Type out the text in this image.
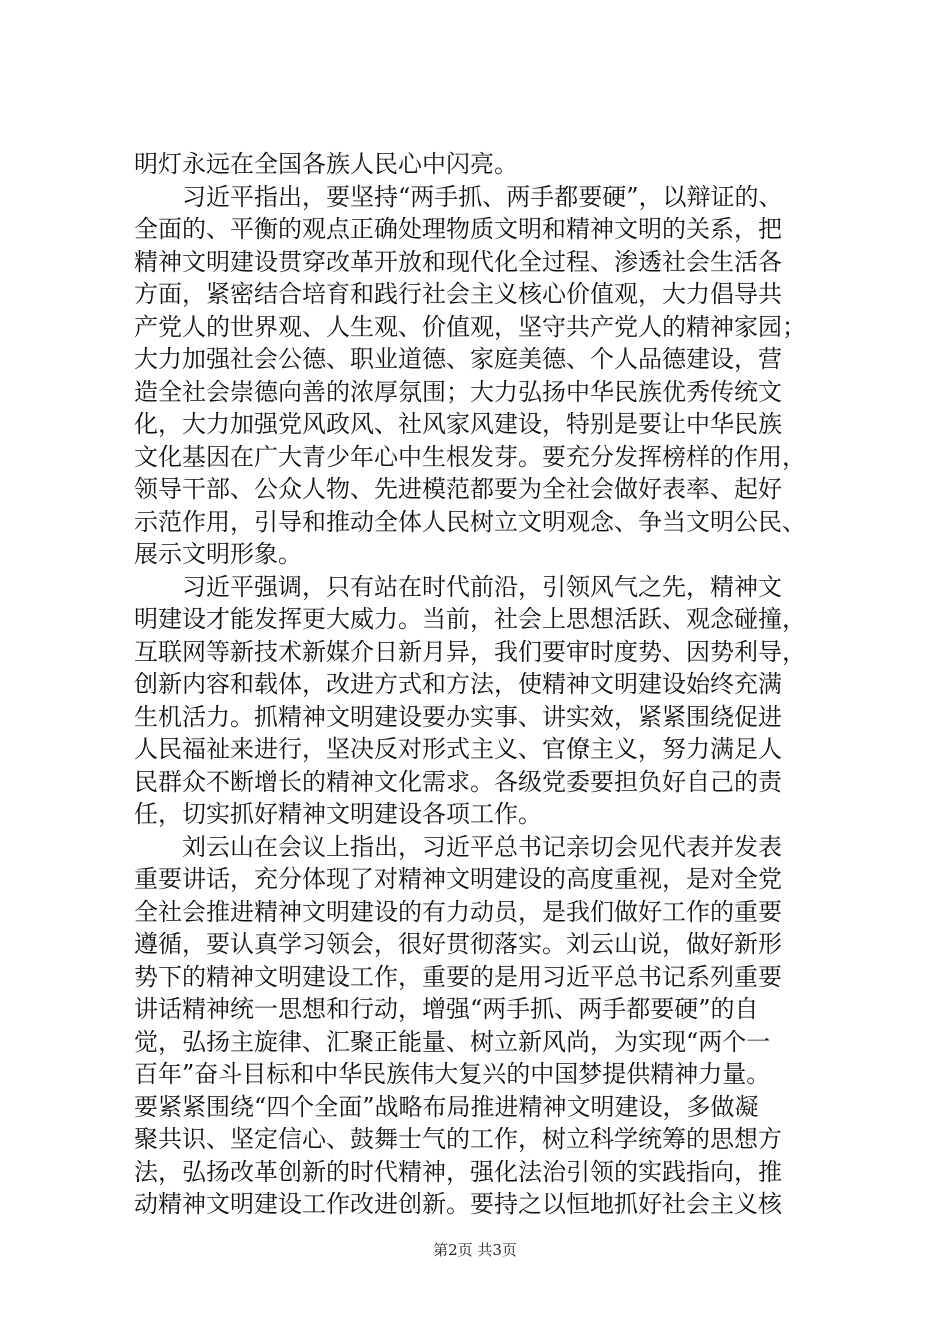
明灯永远在全国各族人民心中闪亮。
　　习近平指出，要坚持“两手抓、两手都要硬”，以辩证的、
全面的、平衡的观点正确处理物质文明和精神文明的关系，把
精神文明建设贯穿改革开放和现代化全过程、渗透社会生活各
方面，紧密结合培育和践行社会主义核心价值观，大力倡导共
产党人的世界观、人生观、价值观，坚守共产党人的精神家园；
大力加强社会公德、职业道德、家庭美德、个人品德建设，营
造全社会崇德向善的浓厚氛围；大力弘扬中华民族优秀传统文
化，大力加强党风政风、社风家风建设，特别是要让中华民族
文化基因在广大青少年心中生根发芽。要充分发挥榜样的作用，
领导干部、公众人物、先进模范都要为全社会做好表率、起好
示范作用，引导和推动全体人民树立文明观念、争当文明公民、
展示文明形象。
　　习近平强调，只有站在时代前沿，引领风气之先，精神文
明建设才能发挥更大威力。当前，社会上思想活跃、观念碰撞，
互联网等新技术新媒介日新月异，我们要审时度势、因势利导，
创新内容和载体，改进方式和方法，使精神文明建设始终充满
生机活力。抓精神文明建设要办实事、讲实效，紧紧围绕促进
人民福祉来进行，坚决反对形式主义、官僚主义，努力满足人
民群众不断增长的精神文化需求。各级党委要担负好自己的责
任，切实抓好精神文明建设各项工作。
　　刘云山在会议上指出，习近平总书记亲切会见代表并发表
重要讲话，充分体现了对精神文明建设的高度重视，是对全党
全社会推进精神文明建设的有力动员，是我们做好工作的重要
遵循，要认真学习领会，很好贯彻落实。刘云山说，做好新形
势下的精神文明建设工作，重要的是用习近平总书记系列重要
讲话精神统一思想和行动，增强“两手抓、两手都要硬”的自
觉，弘扬主旋律、汇聚正能量、树立新风尚，为实现“两个一
百年”奋斗目标和中华民族伟大复兴的中国梦提供精神力量。
要紧紧围绕“四个全面”战略布局推进精神文明建设，多做凝
聚共识、坚定信心、鼓舞士气的工作，树立科学统筹的思想方
法，弘扬改革创新的时代精神，强化法治引领的实践指向，推
动精神文明建设工作改进创新。要持之以恒地抓好社会主义核
第2页 共3页
